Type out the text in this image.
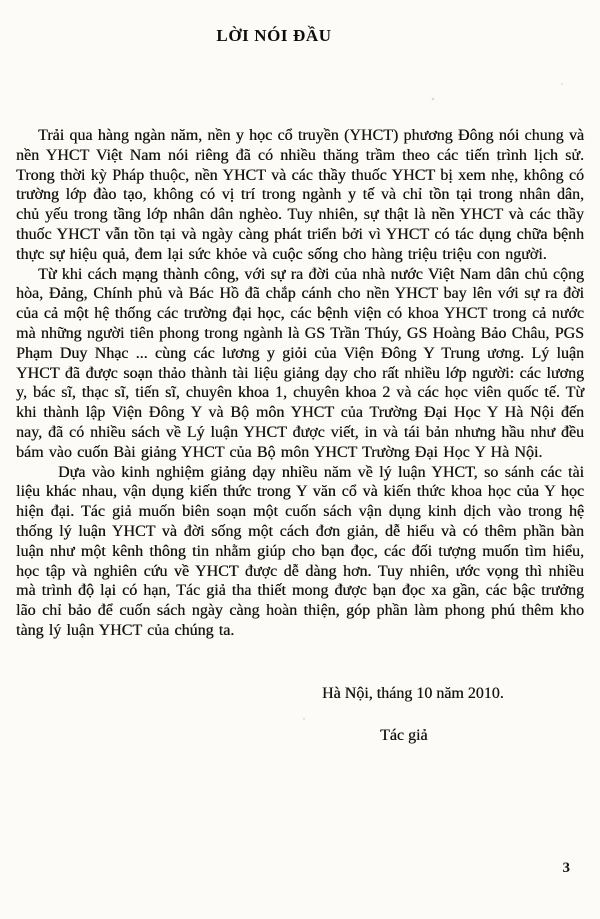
LỜI NÓI ĐẦU

Trải qua hàng ngàn năm, nền y học cổ truyền (YHCT) phương Đông nói chung và nền YHCT Việt Nam nói riêng đã có nhiều thăng trầm theo các tiến trình lịch sử. Trong thời kỳ Pháp thuộc, nền YHCT và các thầy thuốc YHCT bị xem nhẹ, không có trường lớp đào tạo, không có vị trí trong ngành y tế và chỉ tồn tại trong nhân dân, chủ yếu trong tầng lớp nhân dân nghèo. Tuy nhiên, sự thật là nền YHCT và các thầy thuốc YHCT vẫn tồn tại và ngày càng phát triển bởi vì YHCT có tác dụng chữa bệnh thực sự hiệu quả, đem lại sức khỏe và cuộc sống cho hàng triệu triệu con người.

Từ khi cách mạng thành công, với sự ra đời của nhà nước Việt Nam dân chủ cộng hòa, Đảng, Chính phủ và Bác Hồ đã chắp cánh cho nền YHCT bay lên với sự ra đời của cả một hệ thống các trường đại học, các bệnh viện có khoa YHCT trong cả nước mà những người tiên phong trong ngành là GS Trần Thúy, GS Hoàng Bảo Châu, PGS Phạm Duy Nhạc ... cùng các lương y giỏi của Viện Đông Y Trung ương. Lý luận YHCT đã được soạn thảo thành tài liệu giảng dạy cho rất nhiều lớp người: các lương y, bác sĩ, thạc sĩ, tiến sĩ, chuyên khoa 1, chuyên khoa 2 và các học viên quốc tế. Từ khi thành lập Viện Đông Y và Bộ môn YHCT của Trường Đại Học Y Hà Nội đến nay, đã có nhiều sách về Lý luận YHCT được viết, in và tái bản nhưng hầu như đều bám vào cuốn Bài giảng YHCT của Bộ môn YHCT Trường Đại Học Y Hà Nội.

Dựa vào kinh nghiệm giảng dạy nhiều năm về lý luận YHCT, so sánh các tài liệu khác nhau, vận dụng kiến thức trong Y văn cổ và kiến thức khoa học của Y học hiện đại. Tác giả muốn biên soạn một cuốn sách vận dụng kinh dịch vào trong hệ thống lý luận YHCT và đời sống một cách đơn giản, dễ hiểu và có thêm phần bàn luận như một kênh thông tin nhằm giúp cho bạn đọc, các đối tượng muốn tìm hiểu, học tập và nghiên cứu về YHCT được dễ dàng hơn. Tuy nhiên, ước vọng thì nhiều mà trình độ lại có hạn, Tác giả tha thiết mong được bạn đọc xa gần, các bậc trưởng lão chỉ bảo để cuốn sách ngày càng hoàn thiện, góp phần làm phong phú thêm kho tàng lý luận YHCT của chúng ta.

Hà Nội, tháng 10 năm 2010.
Tác giả
3
